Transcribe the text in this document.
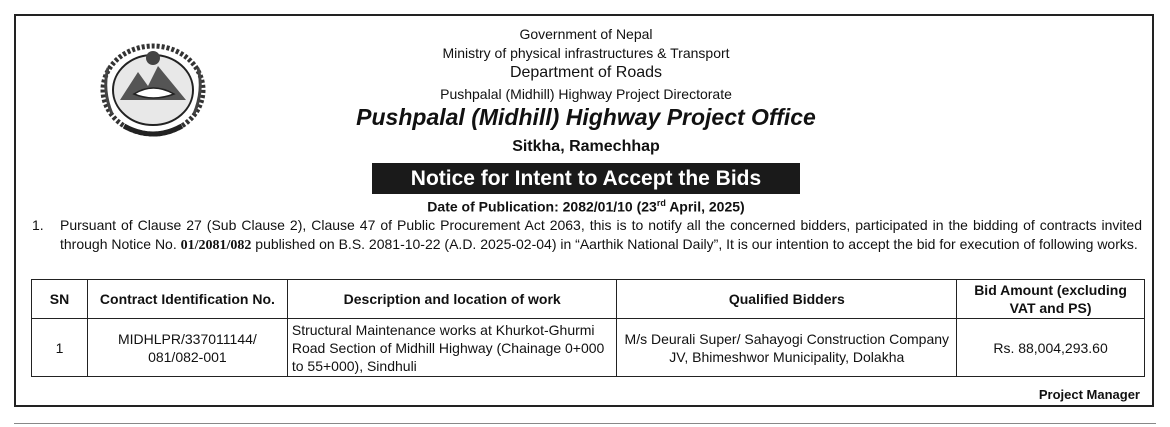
Government of Nepal
Ministry of physical infrastructures & Transport
Department of Roads
Pushpalal (Midhill) Highway Project Directorate
Pushpalal (Midhill) Highway Project Office
Sitkha, Ramechhap
Notice for Intent to Accept the Bids
Date of Publication: 2082/01/10 (23rd April, 2025)
1. Pursuant of Clause 27 (Sub Clause 2), Clause 47 of Public Procurement Act 2063, this is to notify all the concerned bidders, participated in the bidding of contracts invited through Notice No. 01/2081/082 published on B.S. 2081-10-22 (A.D. 2025-02-04) in “Aarthik National Daily”, It is our intention to accept the bid for execution of following works.
SN	Contract Identification No.	Description and location of work	Qualified Bidders	Bid Amount (excluding VAT and PS)
1	MIDHLPR/337011144/ 081/082-001	Structural Maintenance works at Khurkot-Ghurmi Road Section of Midhill Highway (Chainage 0+000 to 55+000), Sindhuli	M/s Deurali Super/ Sahayogi Construction Company JV, Bhimeshwor Municipality, Dolakha	Rs. 88,004,293.60
Project Manager
